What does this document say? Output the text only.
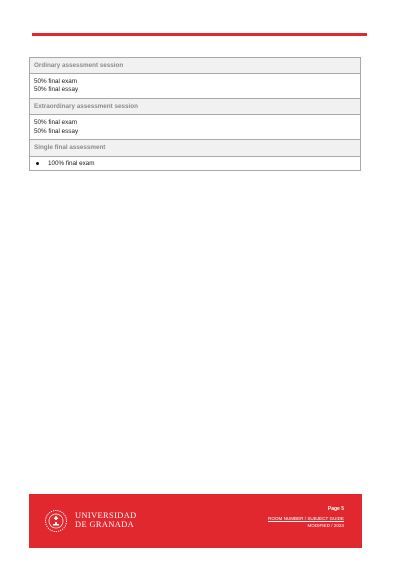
Ordinary assessment session
50% final exam
50% final essay
Extraordinary assessment session
50% final exam
50% final essay
Single final assessment
100% final exam
UNIVERSIDAD
DE GRANADA
Page 5
ROOM NUMBER / SUBJECT GUIDE
MODIFIED / 2023
